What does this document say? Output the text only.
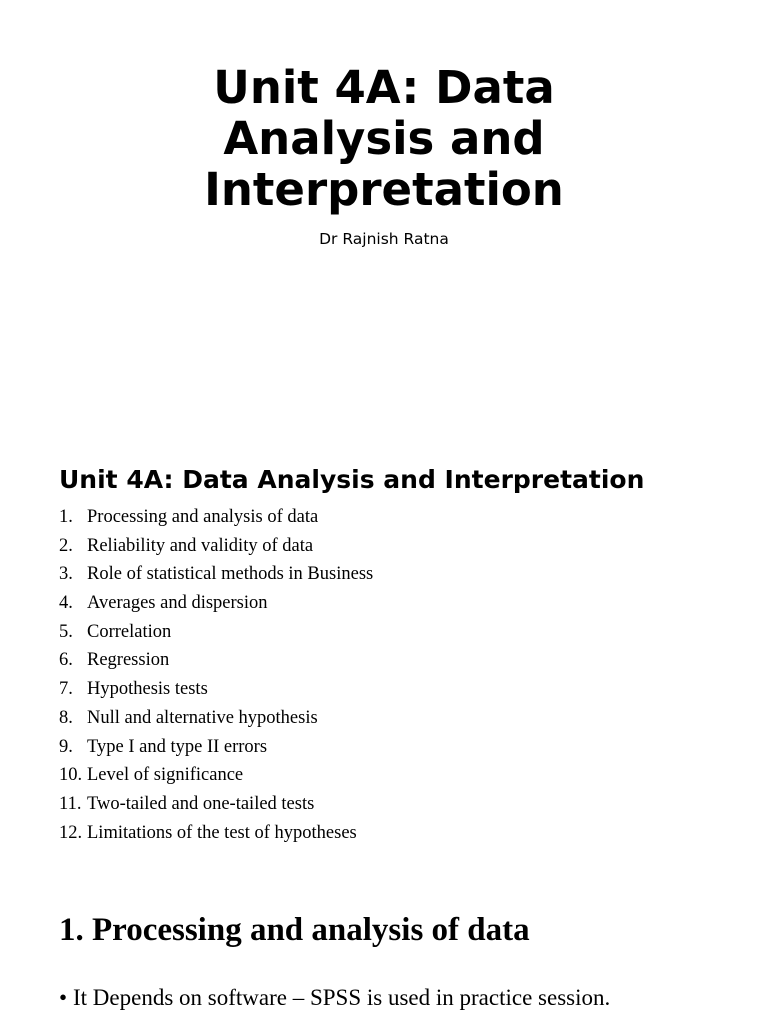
Unit 4A: Data
Analysis and
Interpretation
Dr Rajnish Ratna
Unit 4A: Data Analysis and Interpretation
1. Processing and analysis of data
2. Reliability and validity of data
3. Role of statistical methods in Business
4. Averages and dispersion
5. Correlation
6. Regression
7. Hypothesis tests
8. Null and alternative hypothesis
9. Type I and type II errors
10. Level of significance
11. Two-tailed and one-tailed tests
12. Limitations of the test of hypotheses
1. Processing and analysis of data
• It Depends on software – SPSS is used in practice session.
